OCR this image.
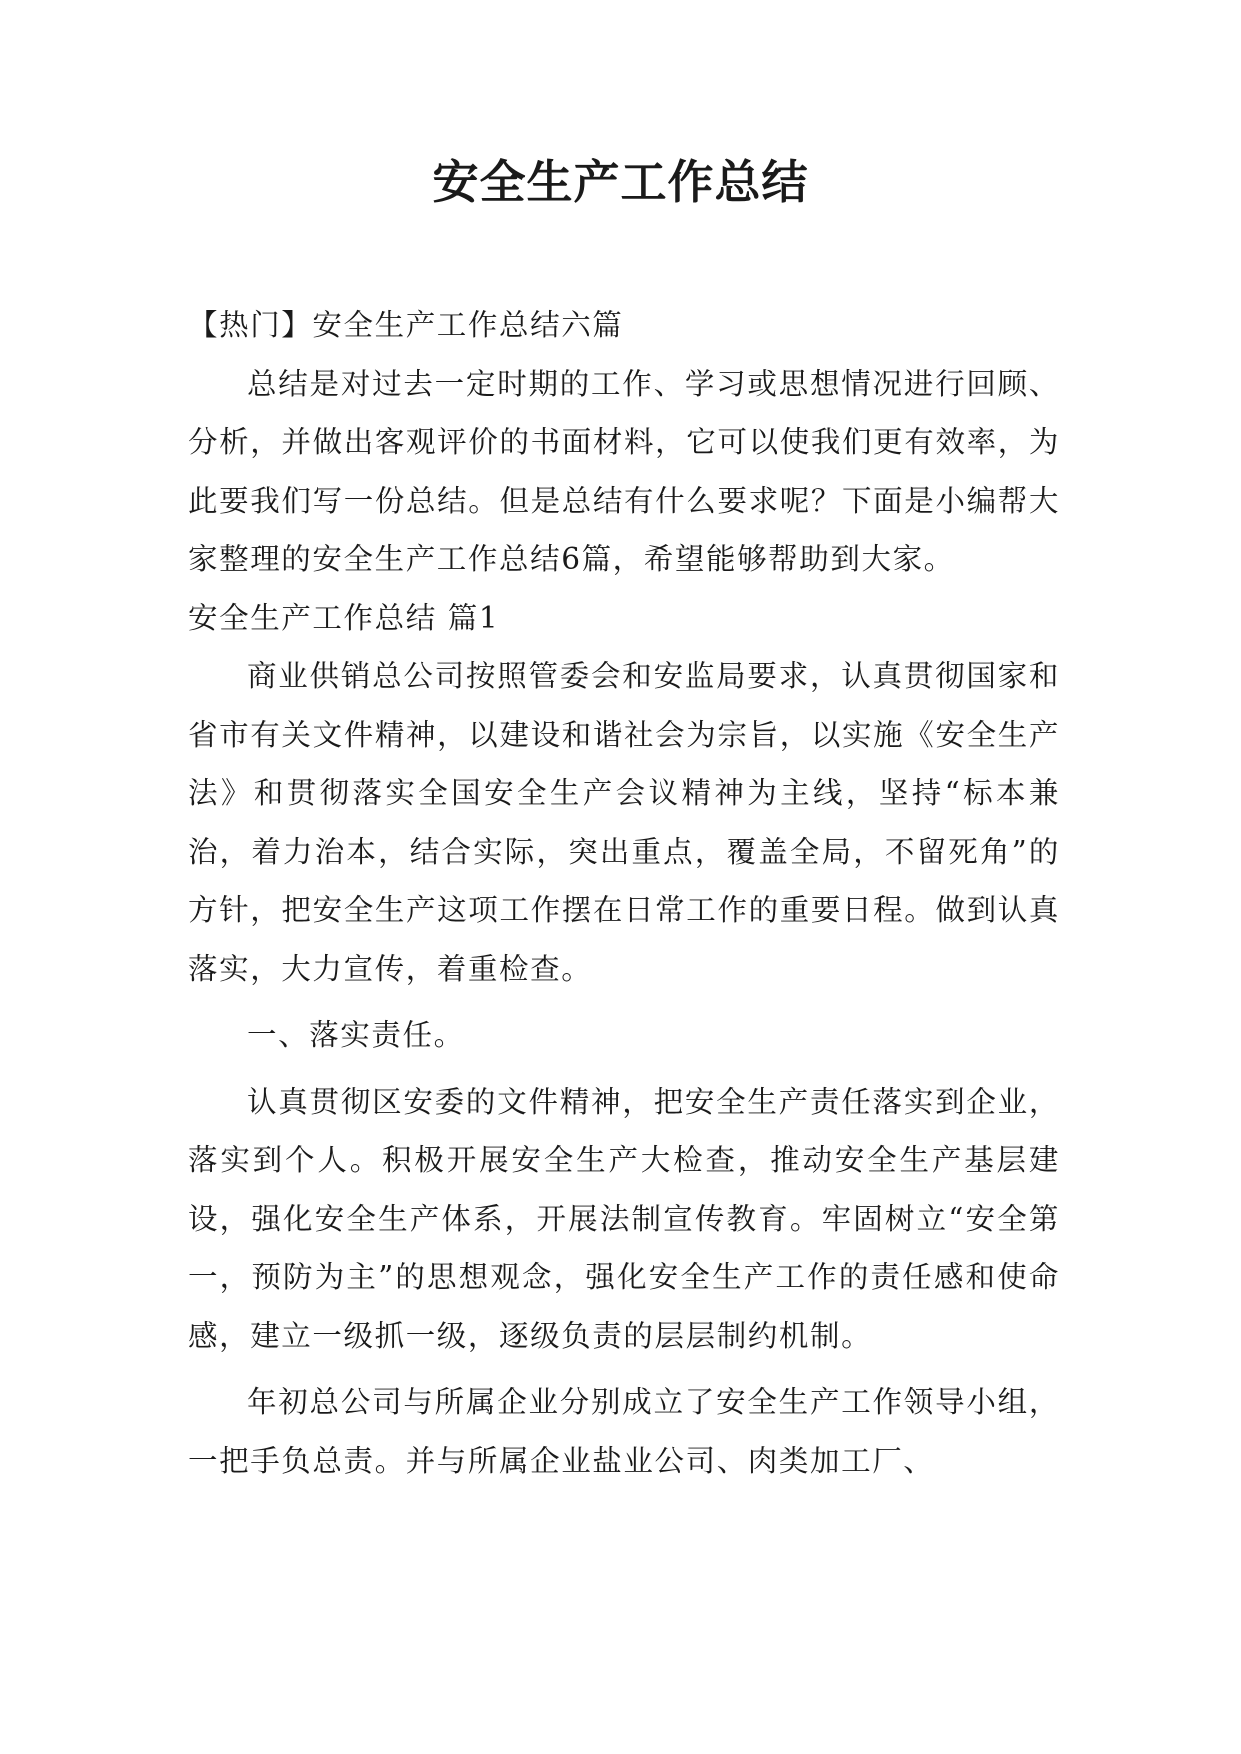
安全生产工作总结

【热门】安全生产工作总结六篇

总结是对过去一定时期的工作、学习或思想情况进行回顾、分析，并做出客观评价的书面材料，它可以使我们更有效率，为此要我们写一份总结。但是总结有什么要求呢？下面是小编帮大家整理的安全生产工作总结6篇，希望能够帮助到大家。

安全生产工作总结 篇1

商业供销总公司按照管委会和安监局要求，认真贯彻国家和省市有关文件精神，以建设和谐社会为宗旨，以实施《安全生产法》和贯彻落实全国安全生产会议精神为主线，坚持“标本兼治，着力治本，结合实际，突出重点，覆盖全局，不留死角”的方针，把安全生产这项工作摆在日常工作的重要日程。做到认真落实，大力宣传，着重检查。

一、落实责任。

认真贯彻区安委的文件精神，把安全生产责任落实到企业，落实到个人。积极开展安全生产大检查，推动安全生产基层建设，强化安全生产体系，开展法制宣传教育。牢固树立“安全第一，预防为主”的思想观念，强化安全生产工作的责任感和使命感，建立一级抓一级，逐级负责的层层制约机制。

年初总公司与所属企业分别成立了安全生产工作领导小组，一把手负总责。并与所属企业盐业公司、肉类加工厂、
